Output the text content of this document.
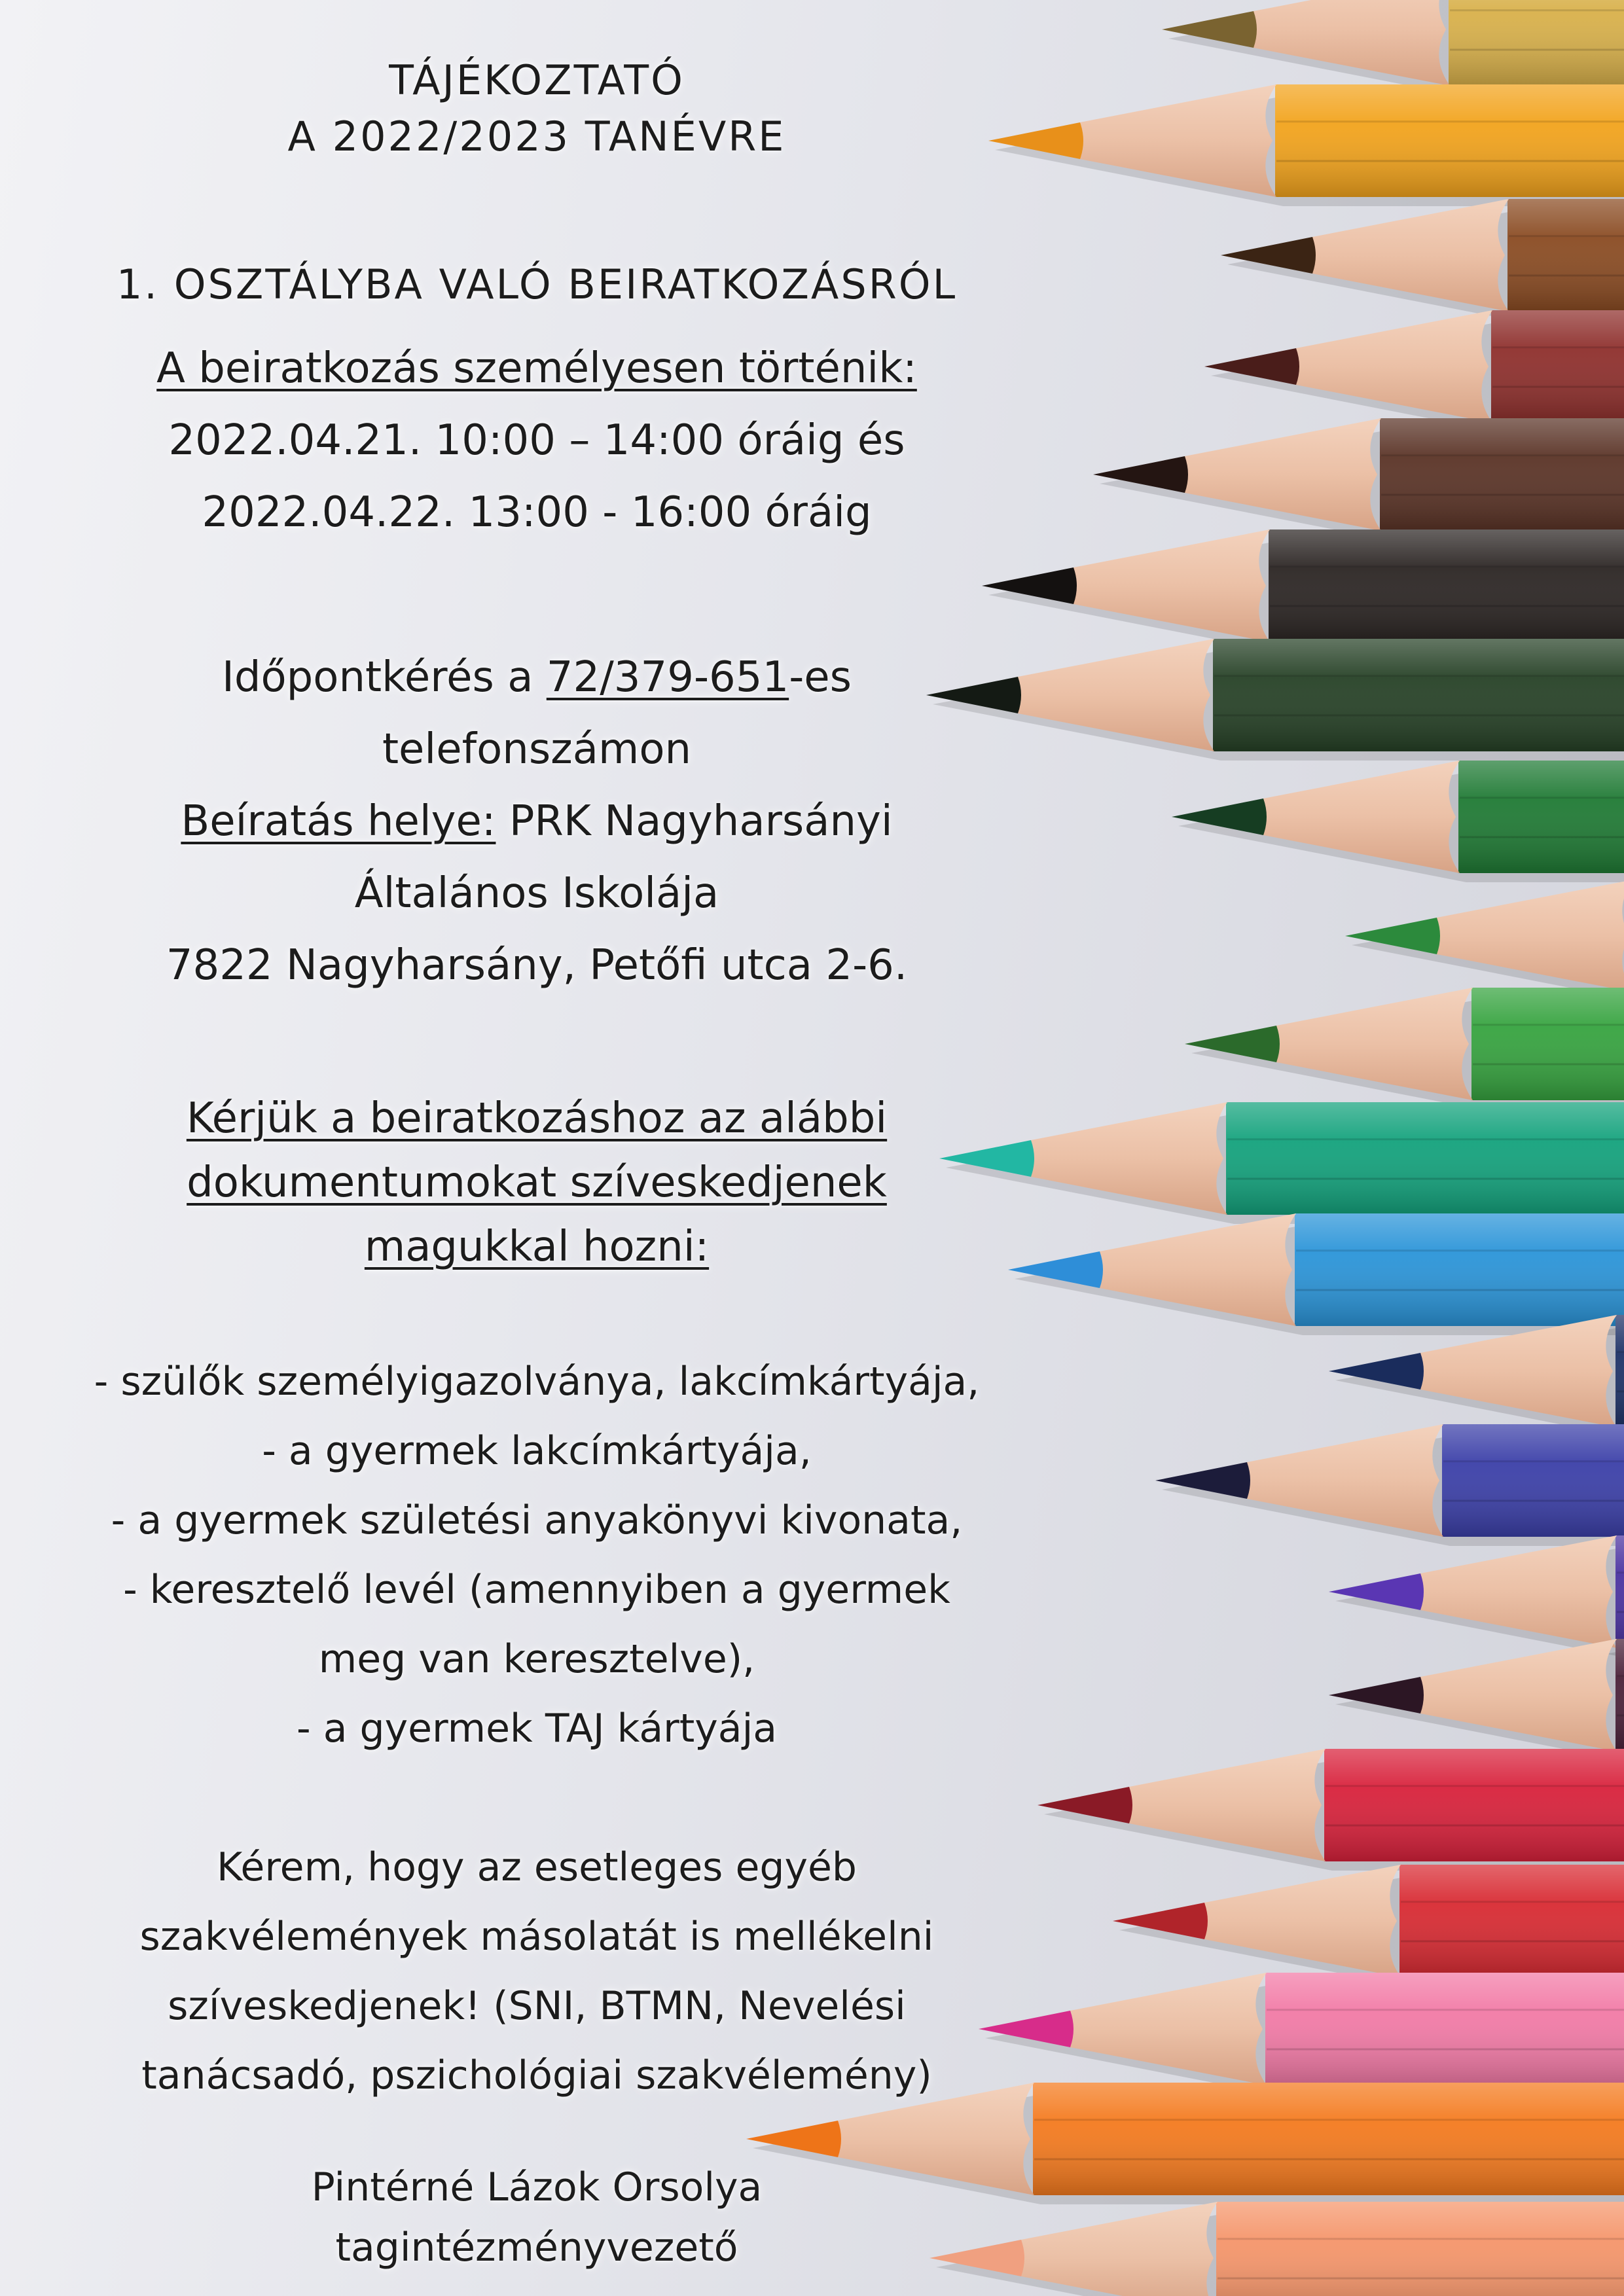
TÁJÉKOZTATÓ
A 2022/2023 TANÉVRE
1. OSZTÁLYBA VALÓ BEIRATKOZÁSRÓL
A beiratkozás személyesen történik:
2022.04.21. 10:00 – 14:00 óráig és
2022.04.22. 13:00 - 16:00 óráig
Időpontkérés a 72/379-651-es
telefonszámon
Beíratás helye: PRK Nagyharsányi
Általános Iskolája
7822 Nagyharsány, Petőfi utca 2-6.
Kérjük a beiratkozáshoz az alábbi
dokumentumokat szíveskedjenek
magukkal hozni:
- szülők személyigazolványa, lakcímkártyája,
- a gyermek lakcímkártyája,
- a gyermek születési anyakönyvi kivonata,
- keresztelő levél (amennyiben a gyermek
meg van keresztelve),
- a gyermek TAJ kártyája
Kérem, hogy az esetleges egyéb
szakvélemények másolatát is mellékelni
szíveskedjenek! (SNI, BTMN, Nevelési
tanácsadó, pszichológiai szakvélemény)
Pintérné Lázok Orsolya
tagintézményvezető
